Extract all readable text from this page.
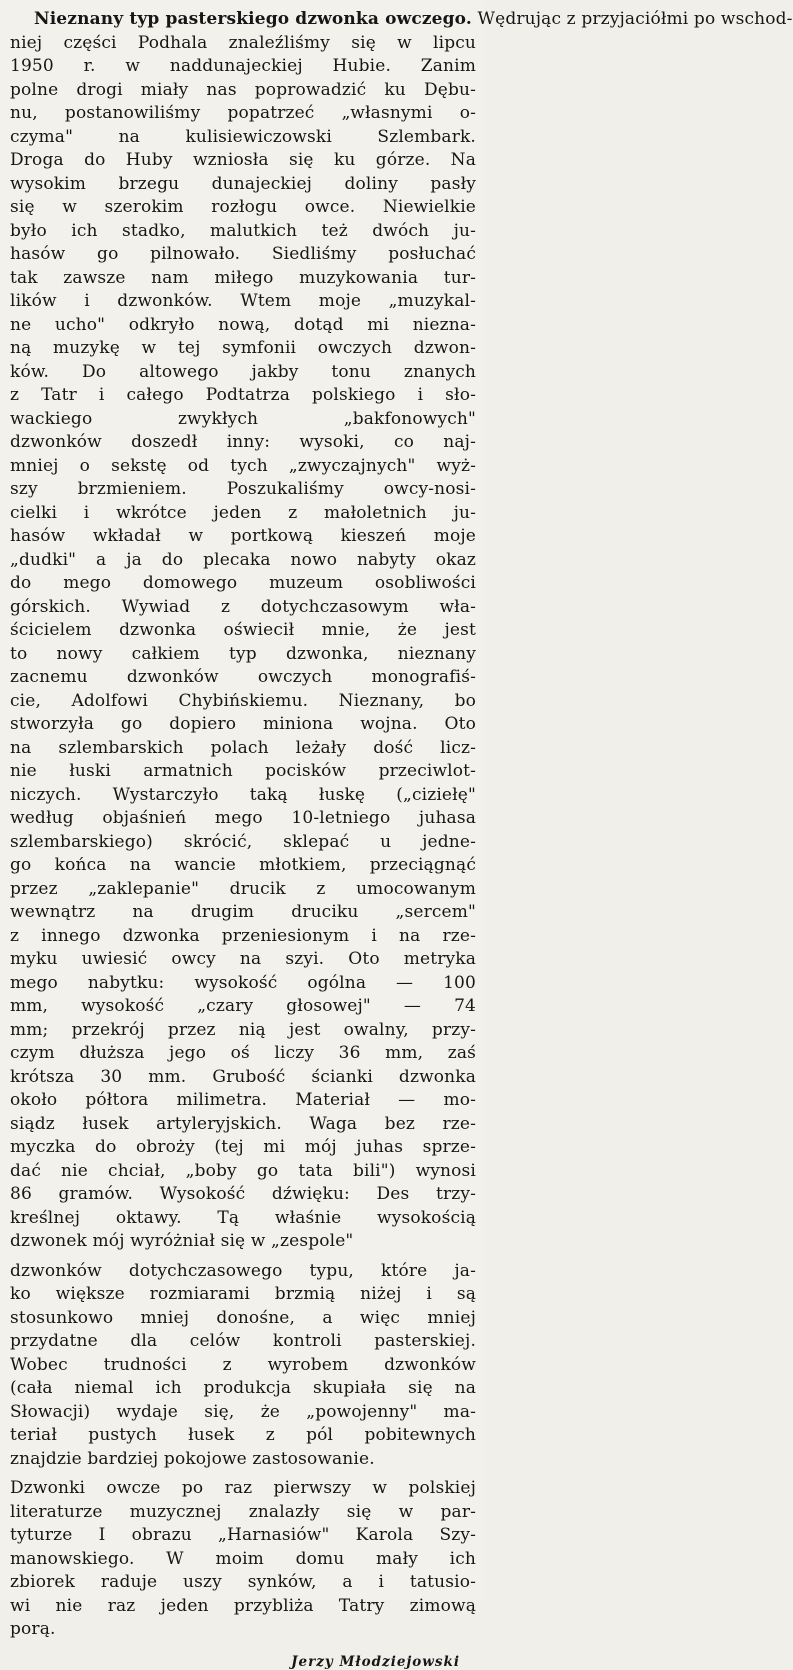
Nieznany typ pasterskiego dzwonka owczego. Wędrując z przyjaciółmi po wschod-
niej części Podhala znaleźliśmy się w lipcu
1950 r. w naddunajeckiej Hubie. Zanim
polne drogi miały nas poprowadzić ku Dębu-
nu, postanowiliśmy popatrzeć „własnymi o-
czyma" na kulisiewiczowski Szlembark.
Droga do Huby wzniosła się ku górze. Na
wysokim brzegu dunajeckiej doliny pasły
się w szerokim rozłogu owce. Niewielkie
było ich stadko, malutkich też dwóch ju-
hasów go pilnowało. Siedliśmy posłuchać
tak zawsze nam miłego muzykowania tur-
lików i dzwonków. Wtem moje „muzykal-
ne ucho" odkryło nową, dotąd mi niezna-
ną muzykę w tej symfonii owczych dzwon-
ków. Do altowego jakby tonu znanych
z Tatr i całego Podtatrza polskiego i sło-
wackiego zwykłych „bakfonowych"
dzwonków doszedł inny: wysoki, co naj-
mniej o sekstę od tych „zwyczajnych" wyż-
szy brzmieniem. Poszukaliśmy owcy-nosi-
cielki i wkrótce jeden z małoletnich ju-
hasów wkładał w portkową kieszeń moje
„dudki" a ja do plecaka nowo nabyty okaz
do mego domowego muzeum osobliwości
górskich. Wywiad z dotychczasowym wła-
ścicielem dzwonka oświecił mnie, że jest
to nowy całkiem typ dzwonka, nieznany
zacnemu dzwonków owczych monografiś-
cie, Adolfowi Chybińskiemu. Nieznany, bo
stworzyła go dopiero miniona wojna. Oto
na szlembarskich polach leżały dość licz-
nie łuski armatnich pocisków przeciwlot-
niczych. Wystarczyło taką łuskę („ciziełę"
według objaśnień mego 10-letniego juhasa
szlembarskiego) skrócić, sklepać u jedne-
go końca na wancie młotkiem, przeciągnąć
przez „zaklepanie" drucik z umocowanym
wewnątrz na drugim druciku „sercem"
z innego dzwonka przeniesionym i na rze-
myku uwiesić owcy na szyi. Oto metryka
mego nabytku: wysokość ogólna — 100
mm, wysokość „czary głosowej" — 74
mm; przekrój przez nią jest owalny, przy-
czym dłuższa jego oś liczy 36 mm, zaś
krótsza 30 mm. Grubość ścianki dzwonka
około półtora milimetra. Materiał — mo-
siądz łusek artyleryjskich. Waga bez rze-
myczka do obroży (tej mi mój juhas sprze-
dać nie chciał, „boby go tata bili") wynosi
86 gramów. Wysokość dźwięku: Des trzy-
kreślnej oktawy. Tą właśnie wysokością
dzwonek mój wyróżniał się w „zespole"
dzwonków dotychczasowego typu, które ja-
ko większe rozmiarami brzmią niżej i są
stosunkowo mniej donośne, a więc mniej
przydatne dla celów kontroli pasterskiej.
Wobec trudności z wyrobem dzwonków
(cała niemal ich produkcja skupiała się na
Słowacji) wydaje się, że „powojenny" ma-
teriał pustych łusek z pól pobitewnych
znajdzie bardziej pokojowe zastosowanie.
Dzwonki owcze po raz pierwszy w polskiej
literaturze muzycznej znalazły się w par-
tyturze I obrazu „Harnasiów" Karola Szy-
manowskiego. W moim domu mały ich
zbiorek raduje uszy synków, a i tatusio-
wi nie raz jeden przybliża Tatry zimową
porą.
Jerzy Młodziejowski
